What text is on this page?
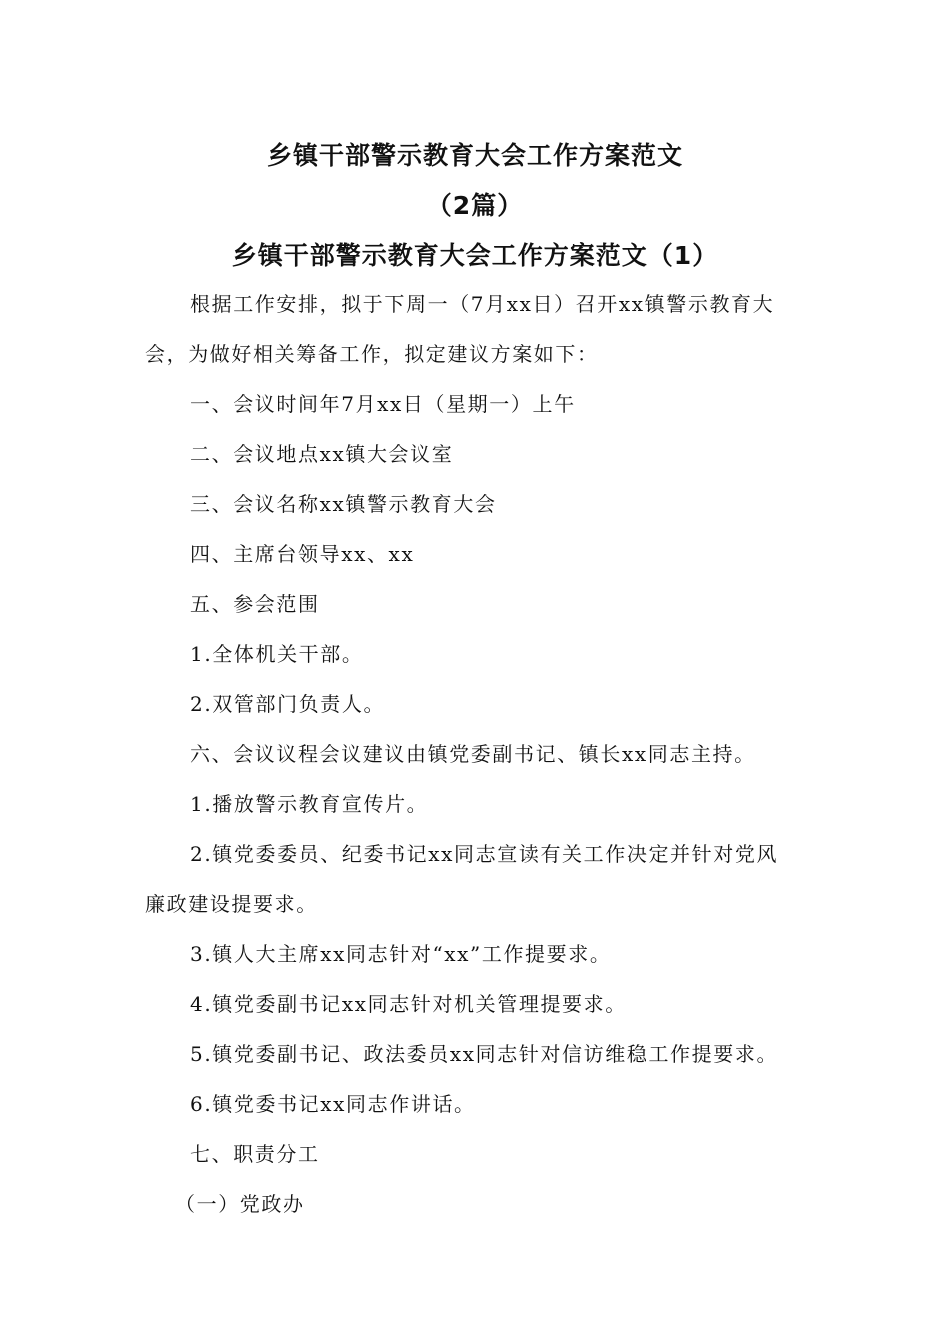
乡镇干部警示教育大会工作方案范文
（2篇）
乡镇干部警示教育大会工作方案范文（1）
根据工作安排，拟于下周一（7月xx日）召开xx镇警示教育大
会，为做好相关筹备工作，拟定建议方案如下：
一、会议时间年7月xx日（星期一）上午
二、会议地点xx镇大会议室
三、会议名称xx镇警示教育大会
四、主席台领导xx、xx
五、参会范围
1.全体机关干部。
2.双管部门负责人。
六、会议议程会议建议由镇党委副书记、镇长xx同志主持。
1.播放警示教育宣传片。
2.镇党委委员、纪委书记xx同志宣读有关工作决定并针对党风
廉政建设提要求。
3.镇人大主席xx同志针对“xx”工作提要求。
4.镇党委副书记xx同志针对机关管理提要求。
5.镇党委副书记、政法委员xx同志针对信访维稳工作提要求。
6.镇党委书记xx同志作讲话。
七、职责分工
（一）党政办
